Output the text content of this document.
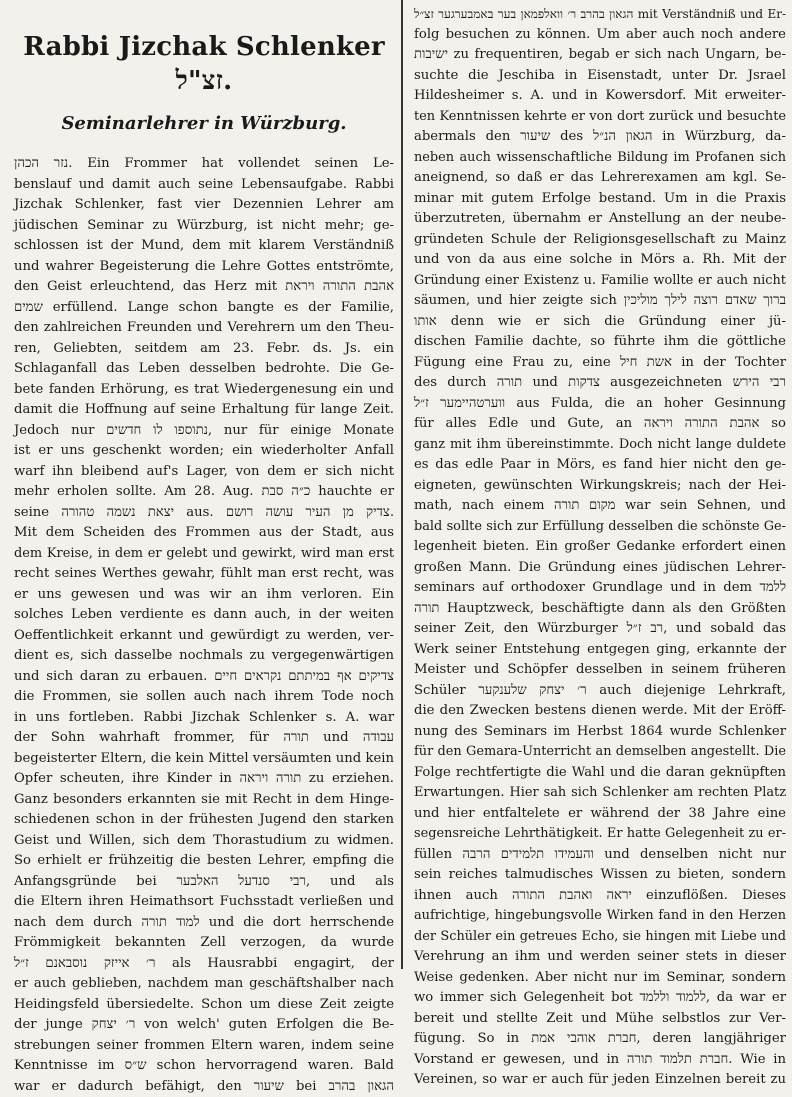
Rabbi Jizchak Schlenker זצ"ל.
Seminarlehrer in Würzburg.
נזר הכהן. Ein Frommer hat vollendet seinen Le-
benslauf und damit auch seine Lebensaufgabe. Rabbi
Jizchak Schlenker, fast vier Dezennien Lehrer am
jüdischen Seminar zu Würzburg, ist nicht mehr; ge-
schlossen ist der Mund, dem mit klarem Verständniß
und wahrer Begeisterung die Lehre Gottes entströmte,
den Geist erleuchtend, das Herz mit אהבת התורה ויראת
שמים erfüllend. Lange schon bangte es der Familie,
den zahlreichen Freunden und Verehrern um den Theu-
ren, Geliebten, seitdem am 23. Febr. ds. Js. ein
Schlaganfall das Leben desselben bedrohte. Die Ge-
bete fanden Erhörung, es trat Wiedergenesung ein und
damit die Hoffnung auf seine Erhaltung für lange Zeit.
Jedoch nur נתוספו לו חדשים, nur für einige Monate
ist er uns geschenkt worden; ein wiederholter Anfall
warf ihn bleibend auf's Lager, von dem er sich nicht
mehr erholen sollte. Am 28. Aug. כ״ה סבת hauchte er
seine יצאת נשמה טהורה aus. צדיק מן העיר עושה רושם.
Mit dem Scheiden des Frommen aus der Stadt, aus
dem Kreise, in dem er gelebt und gewirkt, wird man erst
recht seines Werthes gewahr, fühlt man erst recht, was
er uns gewesen und was wir an ihm verloren. Ein
solches Leben verdiente es dann auch, in der weiten
Oeffentlichkeit erkannt und gewürdigt zu werden, ver-
dient es, sich dasselbe nochmals zu vergegenwärtigen
und sich daran zu erbauen. צדיקים אף במיתתם נקראים חיים
die Frommen, sie sollen auch nach ihrem Tode noch
in uns fortleben. Rabbi Jizchak Schlenker s. A. war
der Sohn wahrhaft frommer, für תורה und עבודה
begeisterter Eltern, die kein Mittel versäumten und kein
Opfer scheuten, ihre Kinder in תורה ויראה zu erziehen.
Ganz besonders erkannten sie mit Recht in dem Hinge-
schiedenen schon in der frühesten Jugend den starken
Geist und Willen, sich dem Thorastudium zu widmen.
So erhielt er frühzeitig die besten Lehrer, empfing die
Anfangsgründe bei רבי סנדעל האלבער, und als
die Eltern ihren Heimathsort Fuchsstadt verließen und
nach dem durch למוד תורה und die dort herrschende
Frömmigkeit bekannten Zell verzogen, da wurde
ר׳ אייזק נוסבאנם ז״ל als Hausrabbi engagirt, der
er auch geblieben, nachdem man geschäftshalber nach
Heidingsfeld übersiedelte. Schon um diese Zeit zeigte
der junge ר׳ יצחק von welch' guten Erfolgen die Be-
strebungen seiner frommen Eltern waren, indem seine
Kenntnisse im ש״ס schon hervorragend waren. Bald
war er dadurch befähigt, den שיעור bei הגאון בהרב
הגאון בהרב ר׳ וואלפמאן בער באמבערגער זצ״ל mit Verständniß und Er-
folg besuchen zu können. Um aber auch noch andere
ישיבות zu frequentiren, begab er sich nach Ungarn, be-
suchte die Jeschiba in Eisenstadt, unter Dr. Jsrael
Hildesheimer s. A. und in Kowersdorf. Mit erweiter-
ten Kenntnissen kehrte er von dort zurück und besuchte
abermals den שיעור des הגאון הנ״ל in Würzburg, da-
neben auch wissenschaftliche Bildung im Profanen sich
aneignend, so daß er das Lehrerexamen am kgl. Se-
minar mit gutem Erfolge bestand. Um in die Praxis
überzutreten, übernahm er Anstellung an der neube-
gründeten Schule der Religionsgesellschaft zu Mainz
und von da aus eine solche in Mörs a. Rh. Mit der
Gründung einer Existenz u. Familie wollte er auch nicht
säumen, und hier zeigte sich ברוך שאדם רוצה לילך מוליכין
אותו denn wie er sich die Gründung einer jü-
dischen Familie dachte, so führte ihm die göttliche
Fügung eine Frau zu, eine אשת חיל in der Tochter
des durch תורה und צדקות ausgezeichneten רבי הירש
ווערטהיימער ז״ל aus Fulda, die an hoher Gesinnung
für alles Edle und Gute, an אהבת התורה ויראה so
ganz mit ihm übereinstimmte. Doch nicht lange duldete
es das edle Paar in Mörs, es fand hier nicht den ge-
eigneten, gewünschten Wirkungskreis; nach der Hei-
math, nach einem מקום תורה war sein Sehnen, und
bald sollte sich zur Erfüllung desselben die schönste Ge-
legenheit bieten. Ein großer Gedanke erfordert einen
großen Mann. Die Gründung eines jüdischen Lehrer-
seminars auf orthodoxer Grundlage und in dem ללמד
תורה Hauptzweck, beschäftigte dann als den Größten
seiner Zeit, den Würzburger רב ז״ל, und sobald das
Werk seiner Entstehung entgegen ging, erkannte der
Meister und Schöpfer desselben in seinem früheren
Schüler ר׳ יצחק שלענקער auch diejenige Lehrkraft,
die den Zwecken bestens dienen werde. Mit der Eröff-
nung des Seminars im Herbst 1864 wurde Schlenker
für den Gemara-Unterricht an demselben angestellt. Die
Folge rechtfertigte die Wahl und die daran geknüpften
Erwartungen. Hier sah sich Schlenker am rechten Platz
und hier entfaltelete er während der 38 Jahre eine
segensreiche Lehrthätigkeit. Er hatte Gelegenheit zu er-
füllen והעמידו תלמידים הרבה und denselben nicht nur
sein reiches talmudisches Wissen zu bieten, sondern
ihnen auch יראה ואהבת התורה einzuflößen. Dieses
aufrichtige, hingebungsvolle Wirken fand in den Herzen
der Schüler ein getreues Echo, sie hingen mit Liebe und
Verehrung an ihm und werden seiner stets in dieser
Weise gedenken. Aber nicht nur im Seminar, sondern
wo immer sich Gelegenheit bot ללמוד וללמד, da war er
bereit und stellte Zeit und Mühe selbstlos zur Ver-
fügung. So in חברת אוהבי אמת, deren langjähriger
Vorstand er gewesen, und in חברת תלמוד תורה. Wie in
Vereinen, so war er auch für jeden Einzelnen bereit zu
